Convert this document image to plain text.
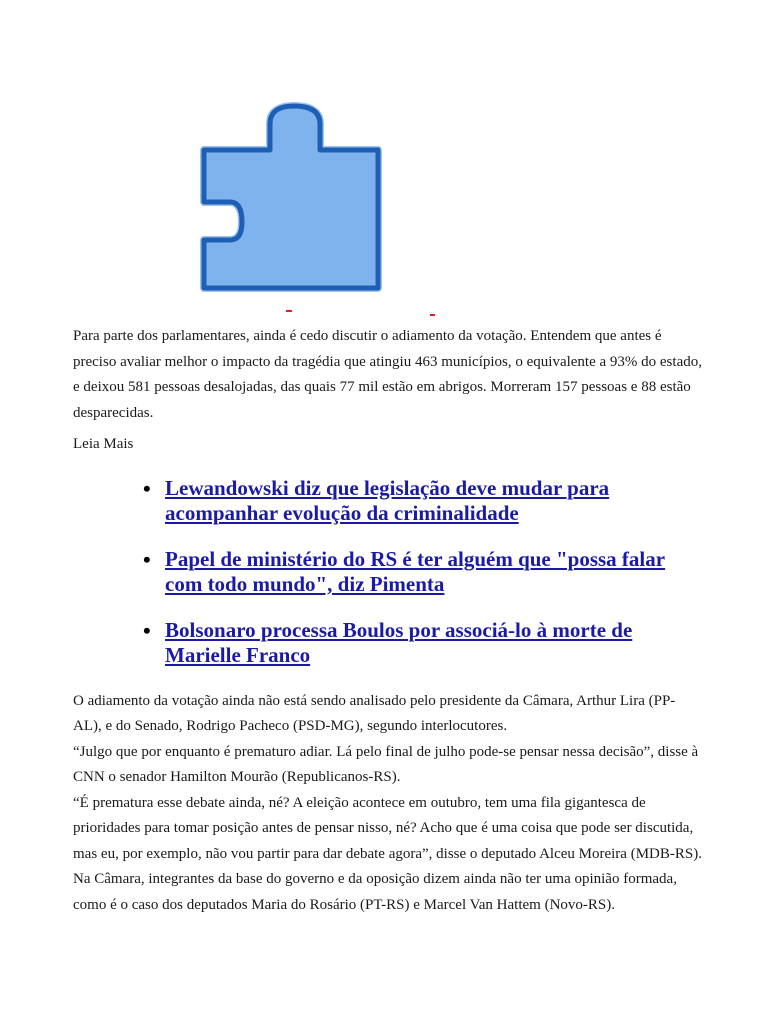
Para parte dos parlamentares, ainda é cedo discutir o adiamento da votação. Entendem que antes é preciso avaliar melhor o impacto da tragédia que atingiu 463 municípios, o equivalente a 93% do estado, e deixou 581 pessoas desalojadas, das quais 77 mil estão em abrigos. Morreram 157 pessoas e 88 estão desparecidas.

Leia Mais

• Lewandowski diz que legislação deve mudar para acompanhar evolução da criminalidade
• Papel de ministério do RS é ter alguém que "possa falar com todo mundo", diz Pimenta
• Bolsonaro processa Boulos por associá-lo à morte de Marielle Franco

O adiamento da votação ainda não está sendo analisado pelo presidente da Câmara, Arthur Lira (PP-AL), e do Senado, Rodrigo Pacheco (PSD-MG), segundo interlocutores.

“Julgo que por enquanto é prematuro adiar. Lá pelo final de julho pode-se pensar nessa decisão”, disse à CNN o senador Hamilton Mourão (Republicanos-RS).

“É prematura esse debate ainda, né? A eleição acontece em outubro, tem uma fila gigantesca de prioridades para tomar posição antes de pensar nisso, né? Acho que é uma coisa que pode ser discutida, mas eu, por exemplo, não vou partir para dar debate agora”, disse o deputado Alceu Moreira (MDB-RS).

Na Câmara, integrantes da base do governo e da oposição dizem ainda não ter uma opinião formada, como é o caso dos deputados Maria do Rosário (PT-RS) e Marcel Van Hattem (Novo-RS).
